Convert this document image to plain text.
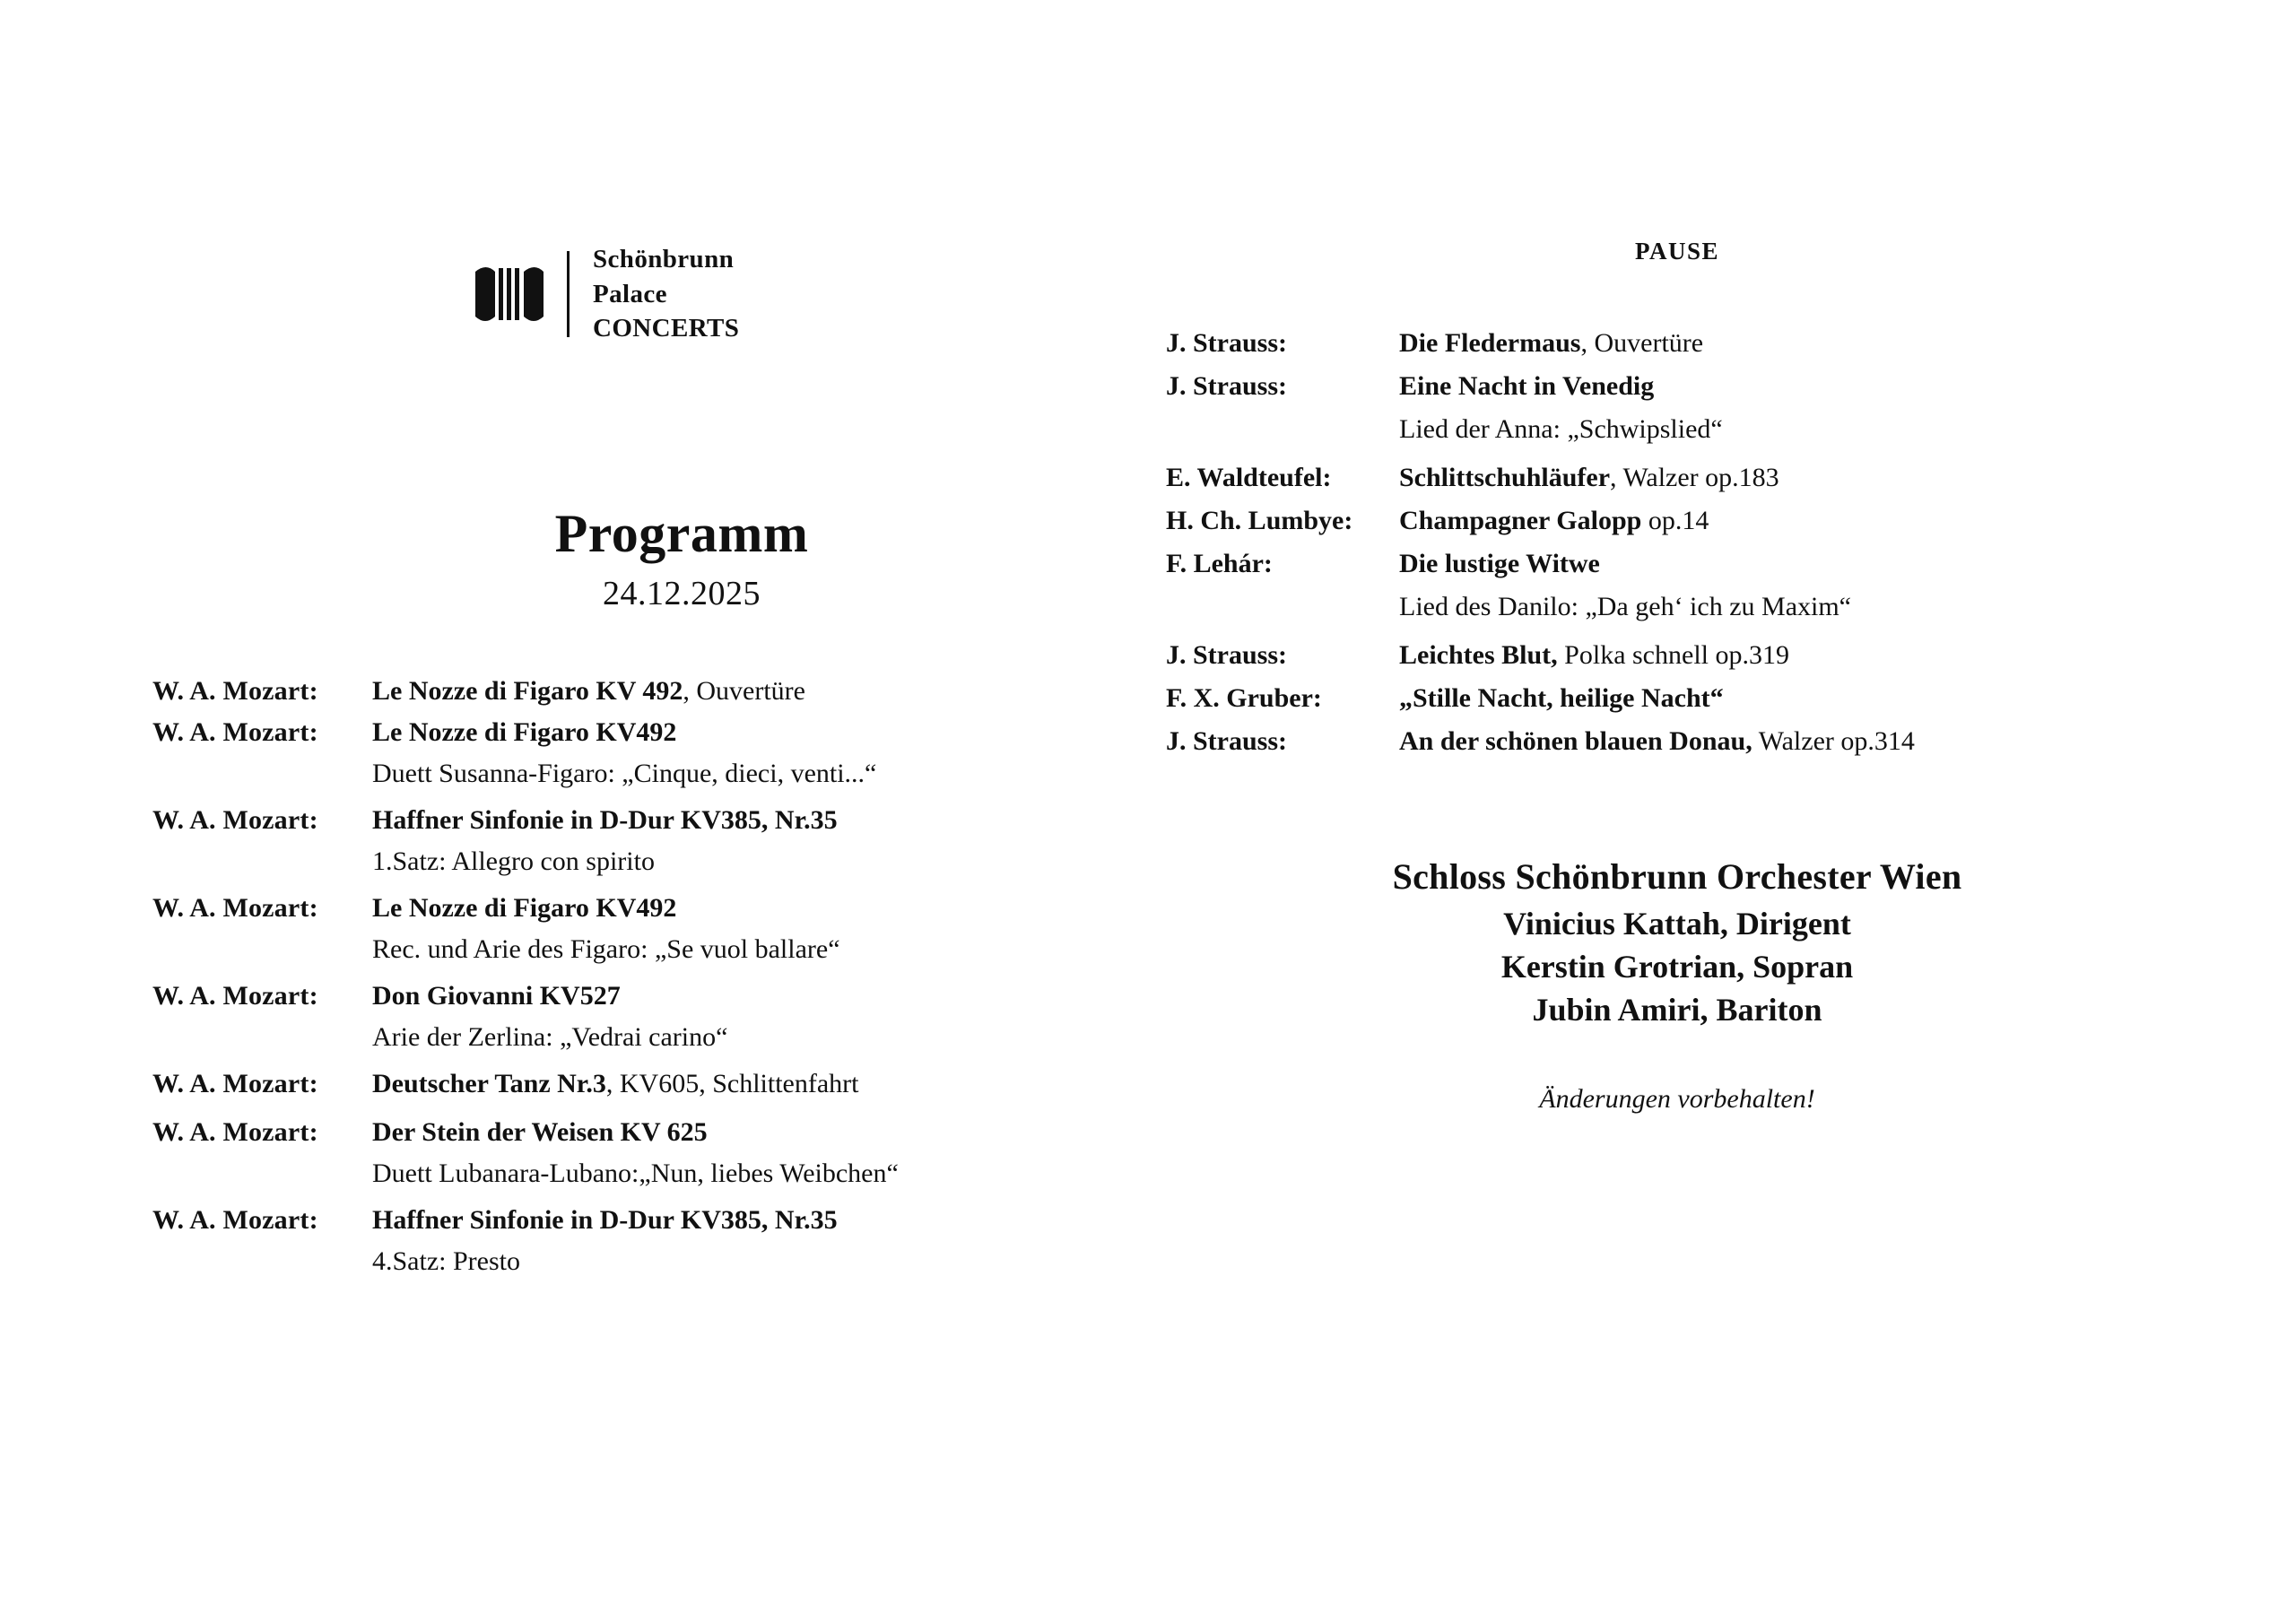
Schönbrunn
Palace
CONCERTS
Programm
24.12.2025
W. A. Mozart:	Le Nozze di Figaro KV 492, Ouvertüre
W. A. Mozart:	Le Nozze di Figaro KV492
Duett Susanna-Figaro: „Cinque, dieci, venti...“
W. A. Mozart:	Haffner Sinfonie in D-Dur KV385, Nr.35
1.Satz: Allegro con spirito
W. A. Mozart:	Le Nozze di Figaro KV492
Rec. und Arie des Figaro: „Se vuol ballare“
W. A. Mozart:	Don Giovanni KV527
Arie der Zerlina: „Vedrai carino“
W. A. Mozart:	Deutscher Tanz Nr.3, KV605, Schlittenfahrt
W. A. Mozart:	Der Stein der Weisen KV 625
Duett Lubanara-Lubano:„Nun, liebes Weibchen“
W. A. Mozart:	Haffner Sinfonie in D-Dur KV385, Nr.35
4.Satz: Presto
PAUSE
J. Strauss:	Die Fledermaus, Ouvertüre
J. Strauss:	Eine Nacht in Venedig
Lied der Anna: „Schwipslied“
E. Waldteufel:	Schlittschuhläufer, Walzer op.183
H. Ch. Lumbye:	Champagner Galopp op.14
F. Lehár:	Die lustige Witwe
Lied des Danilo: „Da geh‘ ich zu Maxim“
J. Strauss:	Leichtes Blut, Polka schnell op.319
F. X. Gruber:	„Stille Nacht, heilige Nacht“
J. Strauss:	An der schönen blauen Donau, Walzer op.314
Schloss Schönbrunn Orchester Wien
Vinicius Kattah, Dirigent
Kerstin Grotrian, Sopran
Jubin Amiri, Bariton
Änderungen vorbehalten!
